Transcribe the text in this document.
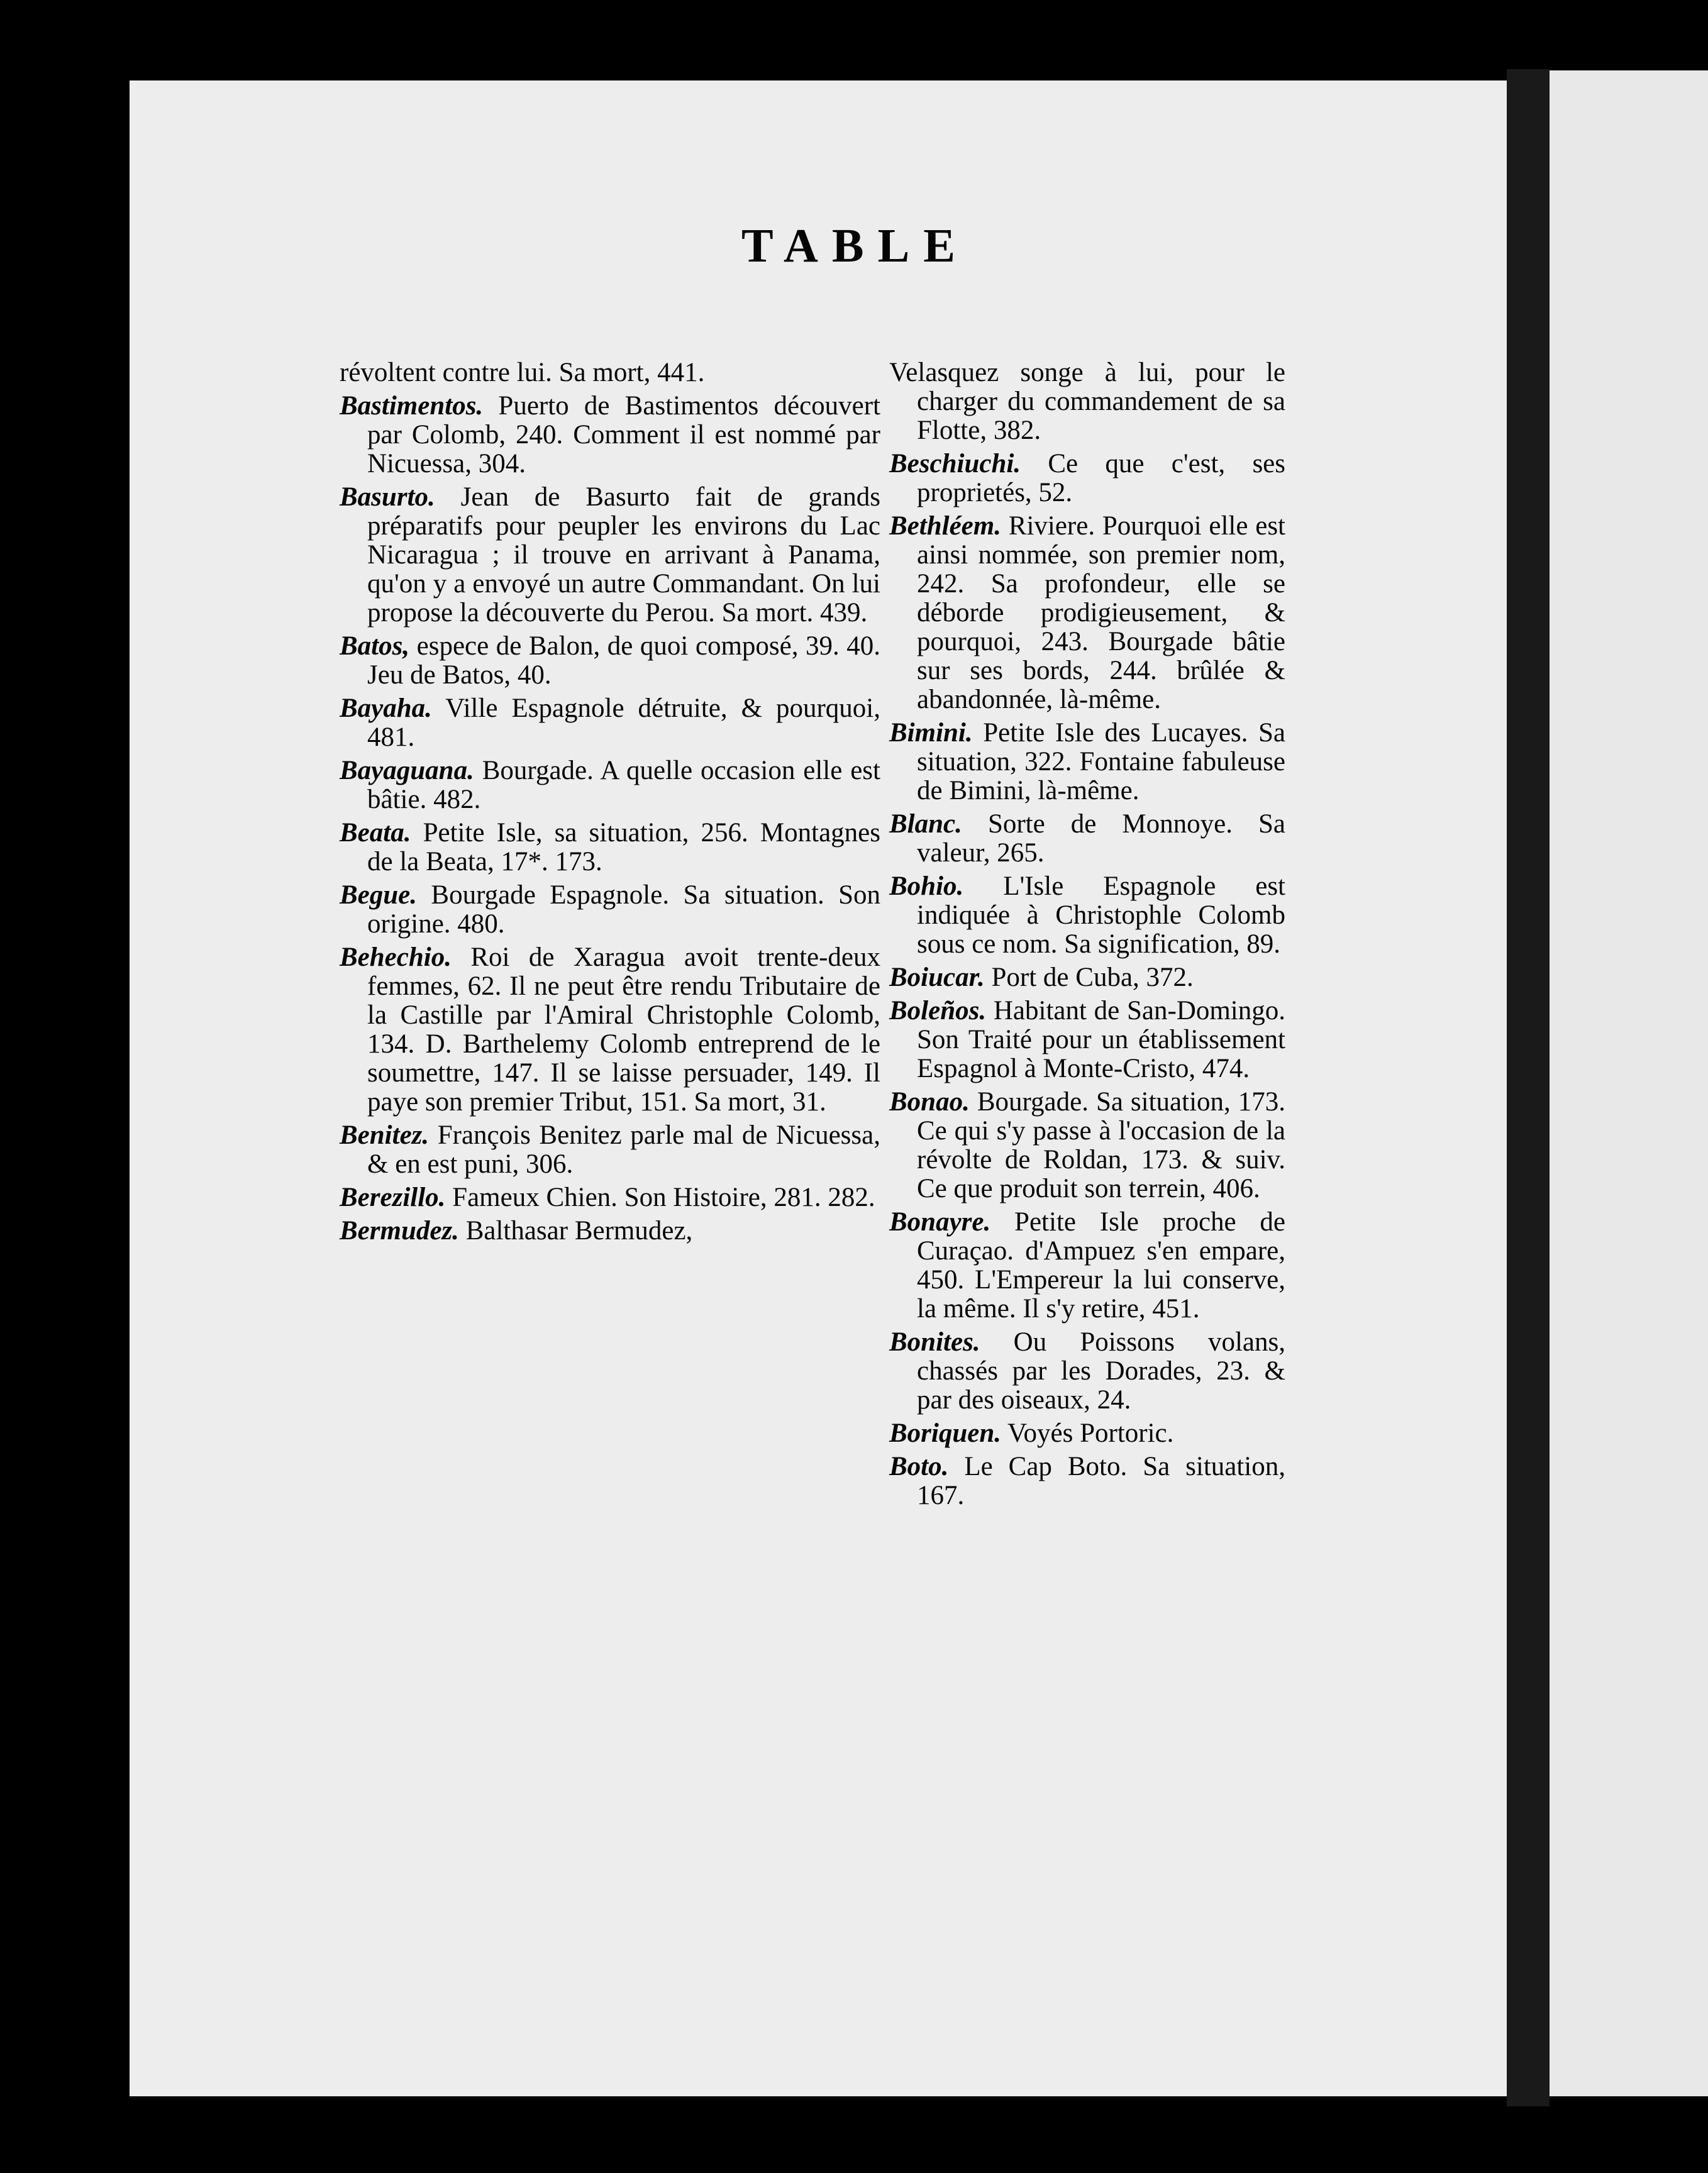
TABLE

révoltent contre lui. Sa mort, 441.

Bastimentos. Puerto de Bastimentos découvert par Colomb, 240. Comment il est nommé par Nicuessa, 304.

Basurto. Jean de Basurto fait de grands préparatifs pour peupler les environs du Lac Nicaragua ; il trouve en arrivant à Panama, qu'on y a envoyé un autre Commandant. On lui propose la découverte du Perou. Sa mort. 439.

Batos, espece de Balon, de quoi composé, 39. 40. Jeu de Batos, 40.

Bayaha. Ville Espagnole détruite, & pourquoi, 481.

Bayaguana. Bourgade. A quelle occasion elle est bâtie. 482.

Beata. Petite Isle, sa situation, 256. Montagnes de la Beata, 17*. 173.

Begue. Bourgade Espagnole. Sa situation. Son origine. 480.

Behechio. Roi de Xaragua avoit trente-deux femmes, 62. Il ne peut être rendu Tributaire de la Castille par l'Amiral Christophle Colomb, 134. D. Barthelemy Colomb entreprend de le soumettre, 147. Il se laisse persuader, 149. Il paye son premier Tribut, 151. Sa mort, 31.

Benitez. François Benitez parle mal de Nicuessa, & en est puni, 306.

Berezillo. Fameux Chien. Son Histoire, 281. 282.

Bermudez. Balthasar Bermudez,

Velasquez songe à lui, pour le charger du commandement de sa Flotte, 382.

Beschiuchi. Ce que c'est, ses proprietés, 52.

Bethléem. Riviere. Pourquoi elle est ainsi nommée, son premier nom, 242. Sa profondeur, elle se déborde prodigieusement, & pourquoi, 243. Bourgade bâtie sur ses bords, 244. brûlée & abandonnée, là-même.

Bimini. Petite Isle des Lucayes. Sa situation, 322. Fontaine fabuleuse de Bimini, là-même.

Blanc. Sorte de Monnoye. Sa valeur, 265.

Bohio. L'Isle Espagnole est indiquée à Christophle Colomb sous ce nom. Sa signification, 89.

Boiucar. Port de Cuba, 372.

Boleños. Habitant de San-Domingo. Son Traité pour un établissement Espagnol à Monte-Cristo, 474.

Bonao. Bourgade. Sa situation, 173. Ce qui s'y passe à l'occasion de la révolte de Roldan, 173. & suiv. Ce que produit son terrein, 406.

Bonayre. Petite Isle proche de Curaçao. d'Ampuez s'en empare, 450. L'Empereur la lui conserve, la même. Il s'y retire, 451.

Bonites. Ou Poissons volans, chassés par les Dorades, 23. & par des oiseaux, 24.

Boriquen. Voyés Portoric.

Boto. Le Cap Boto. Sa situation, 167.
